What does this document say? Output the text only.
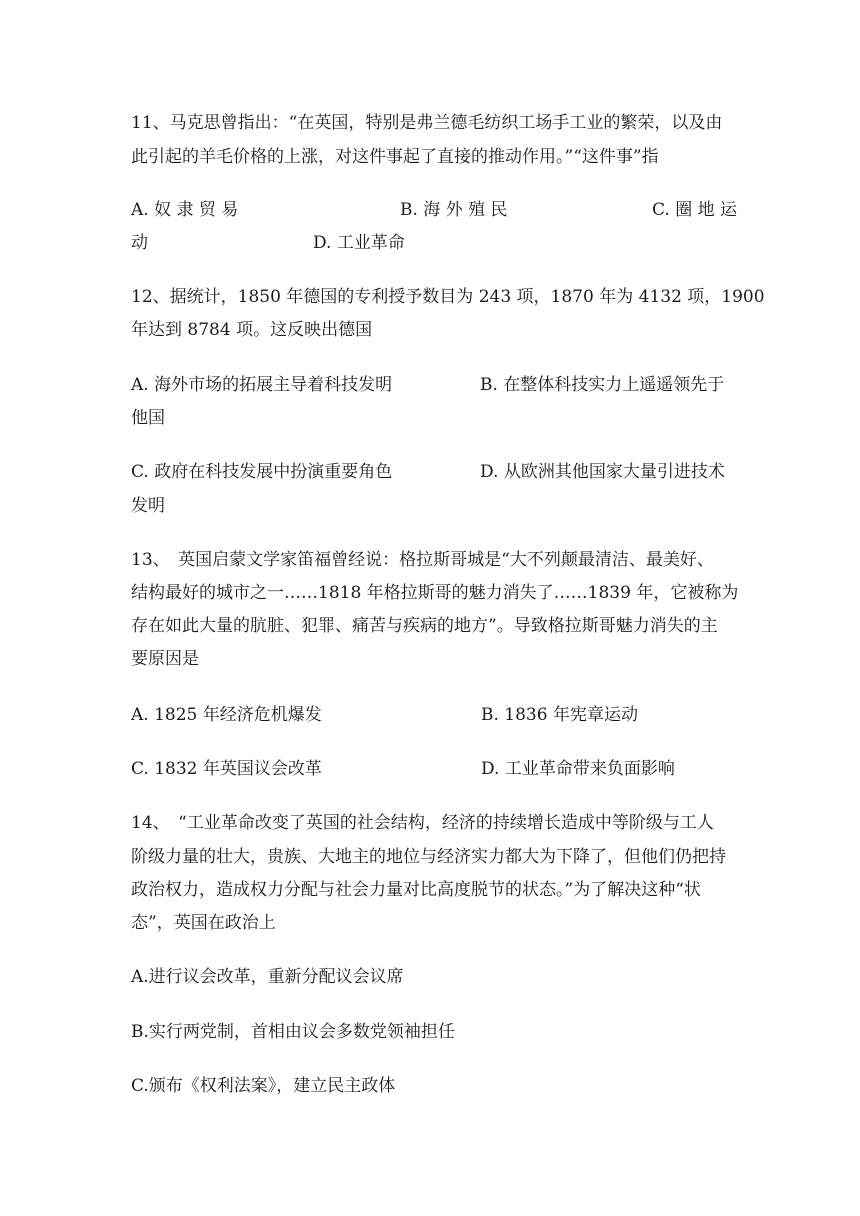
11、马克思曾指出：“在英国，特别是弗兰德毛纺织工场手工业的繁荣，以及由
此引起的羊毛价格的上涨，对这件事起了直接的推动作用。”“这件事”指
A. 奴 隶 贸 易	B. 海 外 殖 民	C. 圈 地 运
动	D. 工业革命
12、据统计，1850 年德国的专利授予数目为 243 项，1870 年为 4132 项，1900
年达到 8784 项。这反映出德国
A. 海外市场的拓展主导着科技发明	B. 在整体科技实力上遥遥领先于
他国
C. 政府在科技发展中扮演重要角色	D. 从欧洲其他国家大量引进技术
发明
13、　英国启蒙文学家笛福曾经说：格拉斯哥城是“大不列颠最清洁、最美好、
结构最好的城市之一……1818 年格拉斯哥的魅力消失了……1839 年，它被称为
存在如此大量的肮脏、犯罪、痛苦与疾病的地方”。导致格拉斯哥魅力消失的主
要原因是
A. 1825 年经济危机爆发	B. 1836 年宪章运动
C. 1832 年英国议会改革	D. 工业革命带来负面影响
14、　“工业革命改变了英国的社会结构，经济的持续增长造成中等阶级与工人
阶级力量的壮大，贵族、大地主的地位与经济实力都大为下降了，但他们仍把持
政治权力，造成权力分配与社会力量对比高度脱节的状态。”为了解决这种“状
态”，英国在政治上
A.进行议会改革，重新分配议会议席
B.实行两党制，首相由议会多数党领袖担任
C.颁布《权利法案》，建立民主政体
